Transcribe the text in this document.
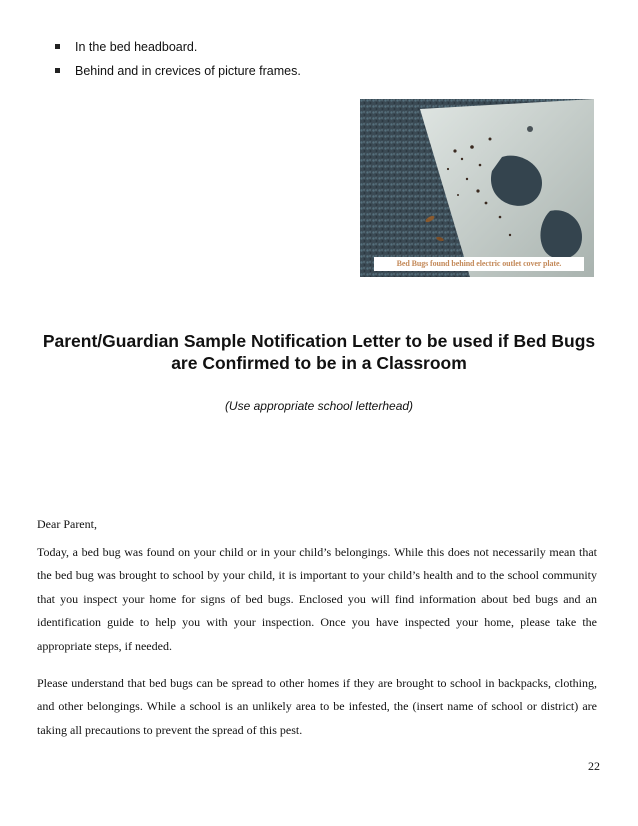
In the bed headboard.
Behind and in crevices of picture frames.
Bed Bugs found behind electric outlet cover plate.
Parent/Guardian Sample Notification Letter to be used if Bed Bugs are Confirmed to be in a Classroom
(Use appropriate school letterhead)
Dear Parent,

Today, a bed bug was found on your child or in your child’s belongings. While this does not necessarily mean that the bed bug was brought to school by your child, it is important to your child’s health and to the school community that you inspect your home for signs of bed bugs. Enclosed you will find information about bed bugs and an identification guide to help you with your inspection. Once you have inspected your home, please take the appropriate steps, if needed.

Please understand that bed bugs can be spread to other homes if they are brought to school in backpacks, clothing, and other belongings. While a school is an unlikely area to be infested, the (insert name of school or district) are taking all precautions to prevent the spread of this pest.

22
